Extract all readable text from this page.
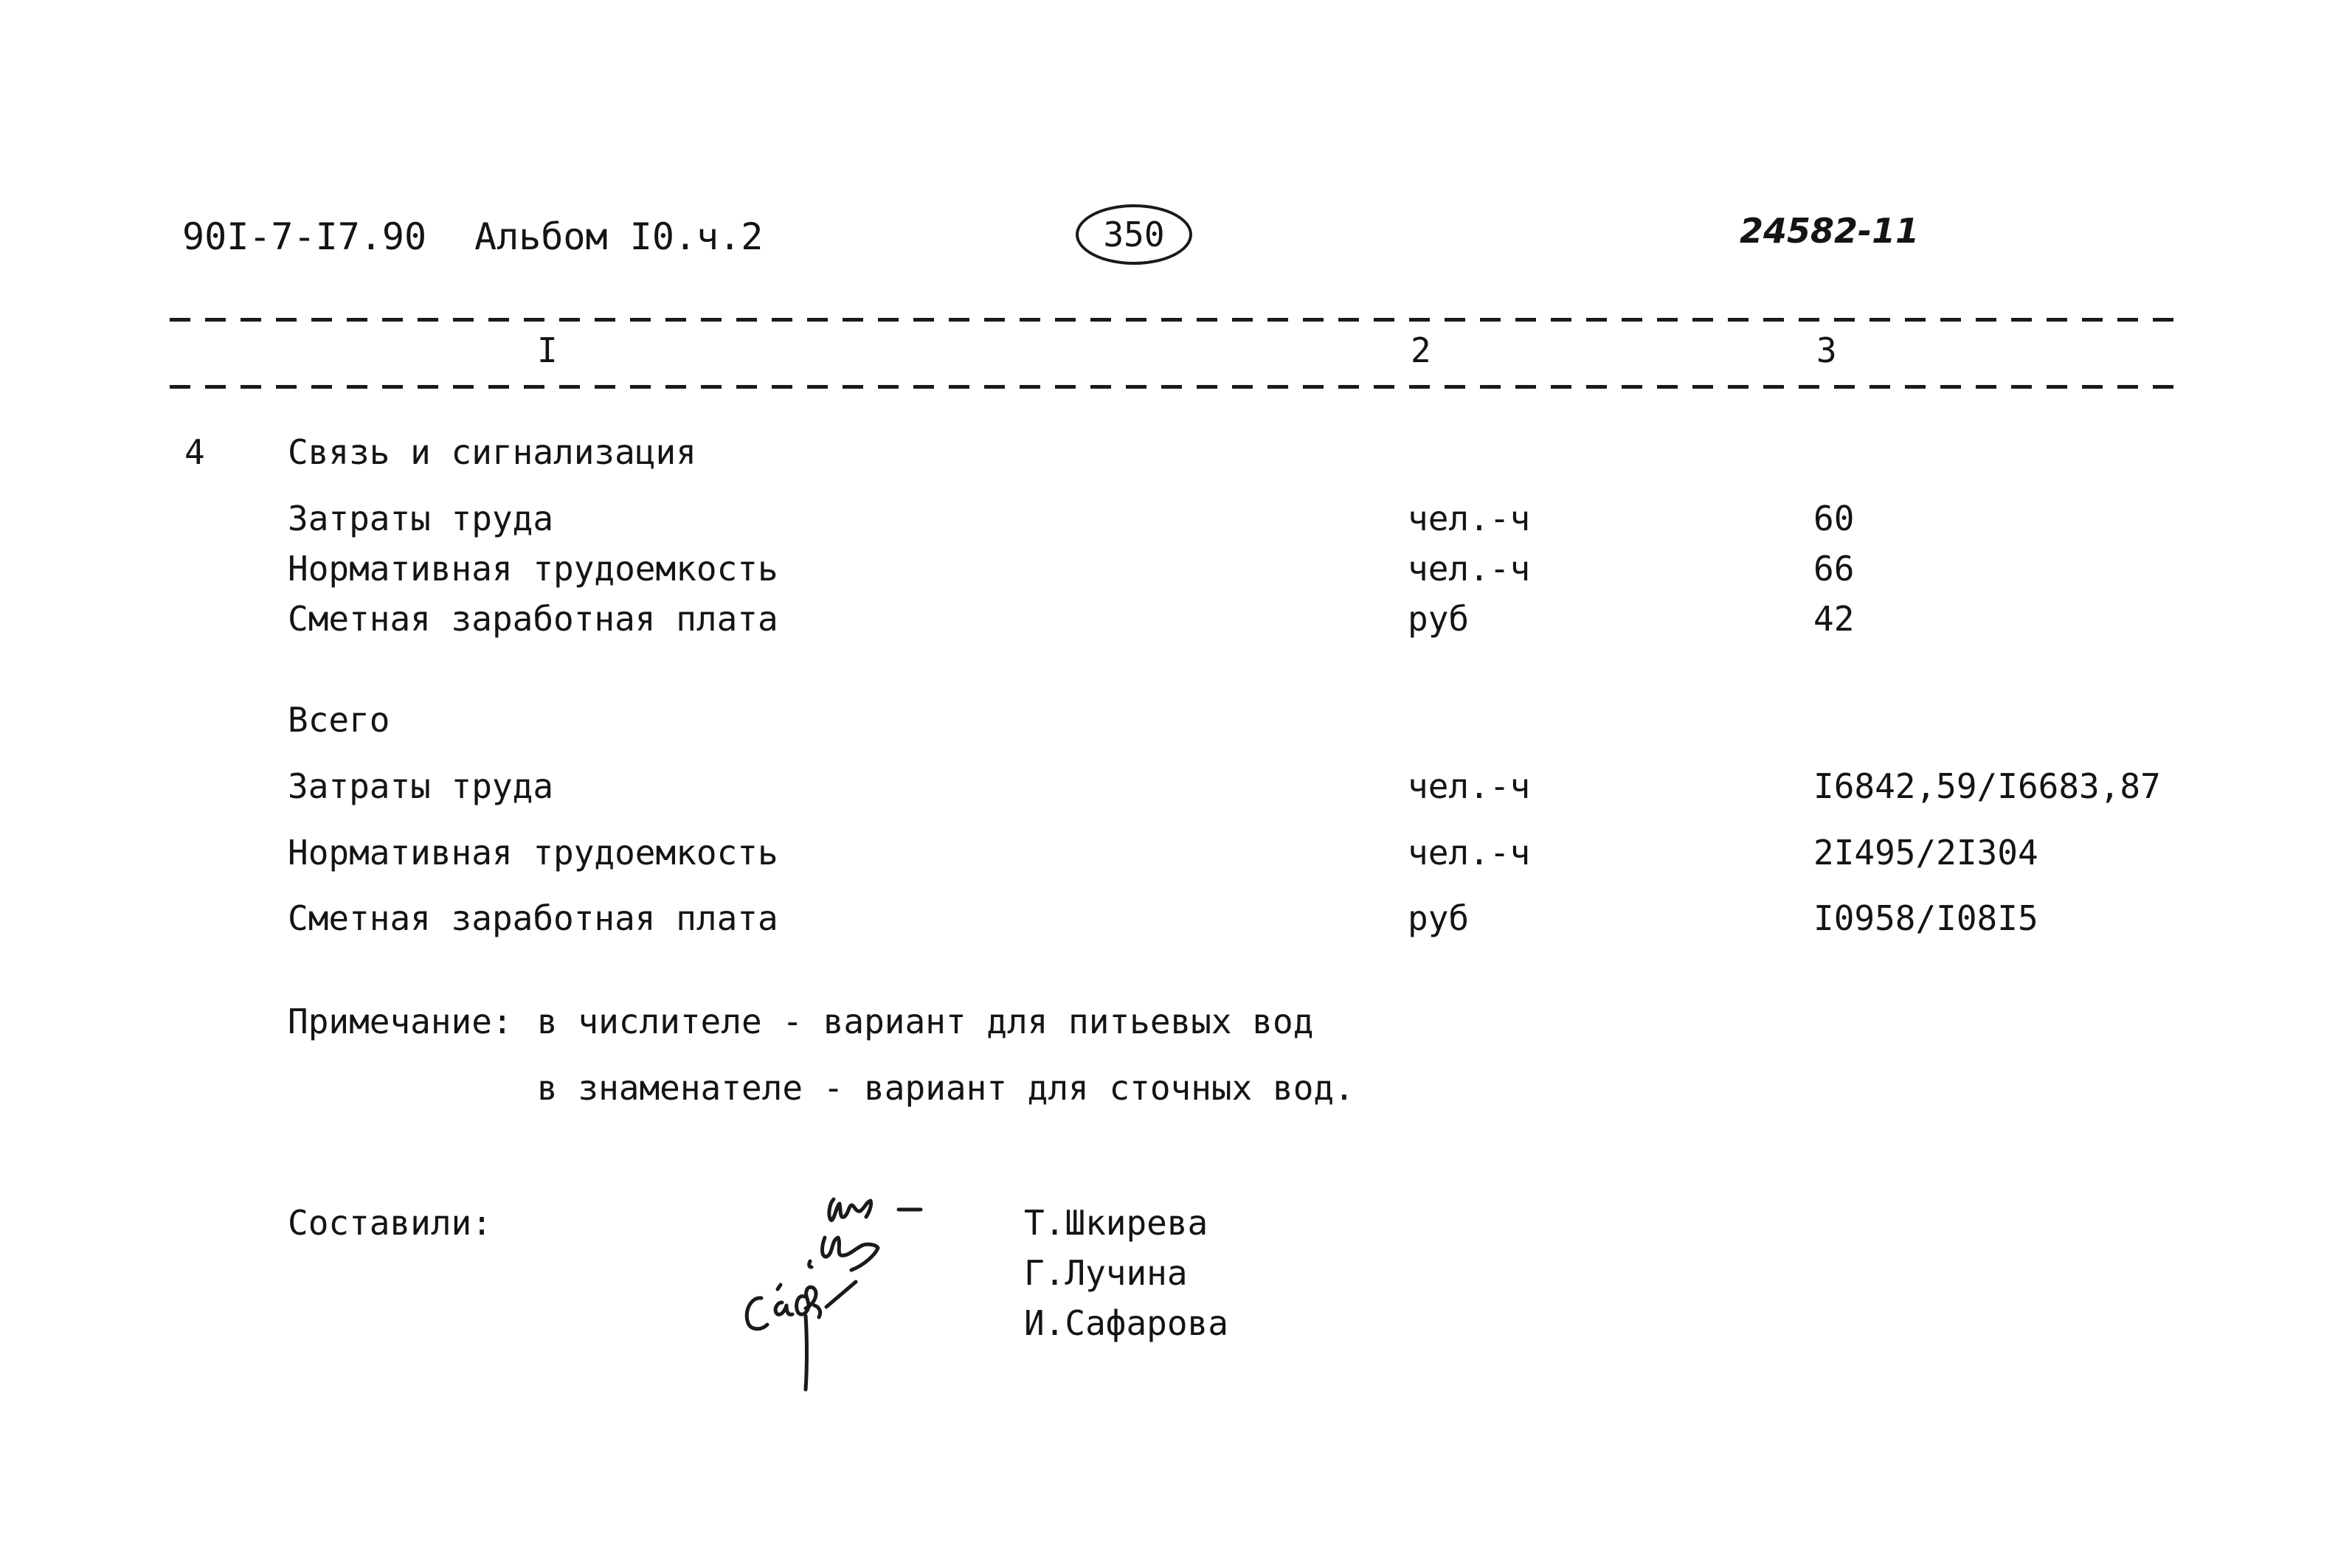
90I-7-I7.90 Альбом I0.ч.2	350	24582-11
I	2	3
4 Связь и сигнализация
Затраты труда	чел.-ч	60
Нормативная трудоемкость	чел.-ч	66
Сметная заработная плата	руб	42
Всего
Затраты труда	чел.-ч	I6842,59/I6683,87
Нормативная трудоемкость	чел.-ч	2I495/2I304
Сметная заработная плата	руб	I0958/I08I5
Примечание: в числителе - вариант для питьевых вод
в знаменателе - вариант для сточных вод.
Составили:	Т.Шкирева
Г.Лучина
И.Сафарова
